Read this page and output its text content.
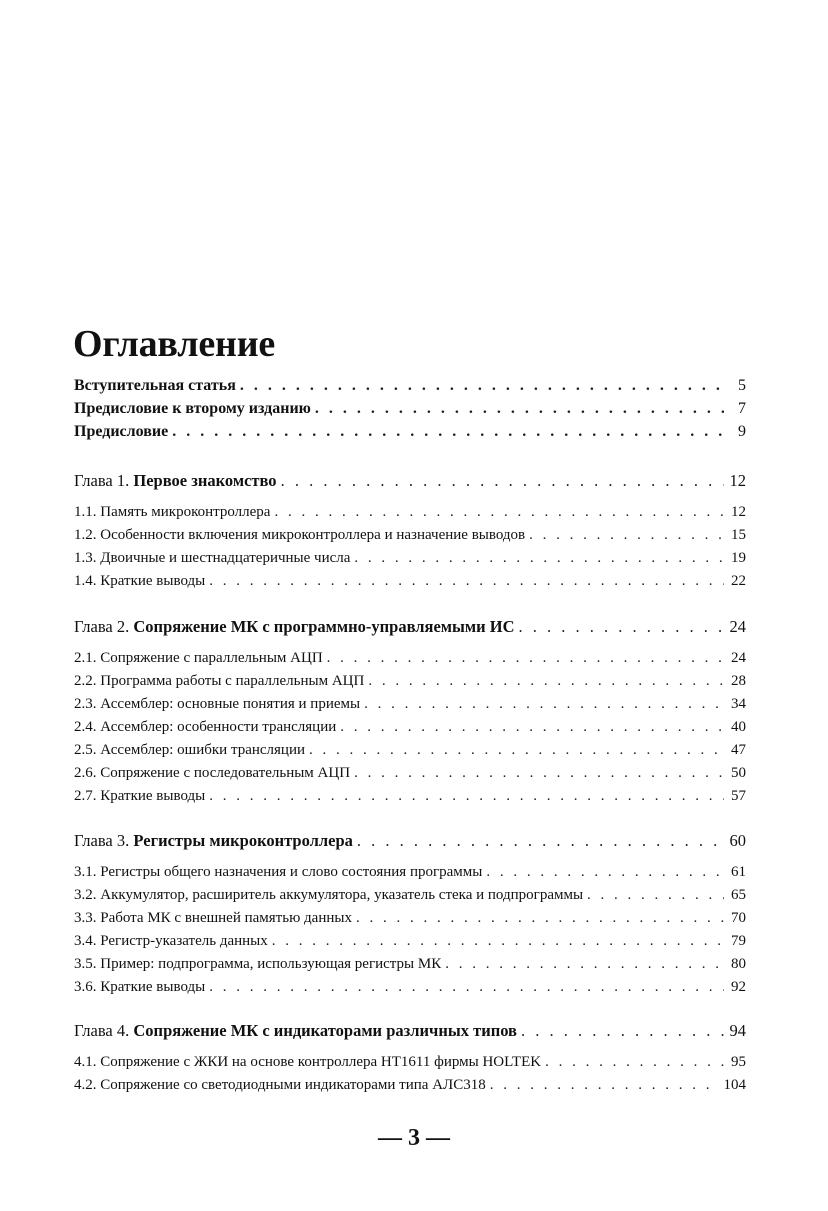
Оглавление
Вступительная статья . . .	5
Предисловие к второму изданию . . .	7
Предисловие . . .	9
Глава 1. Первое знакомство . . .	12
1.1. Память микроконтроллера . . .	12
1.2. Особенности включения микроконтроллера и назначение выводов . . .	15
1.3. Двоичные и шестнадцатеричные числа . . .	19
1.4. Краткие выводы . . .	22
Глава 2. Сопряжение МК с программно-управляемыми ИС . . .	24
2.1. Сопряжение с параллельным АЦП . . .	24
2.2. Программа работы с параллельным АЦП . . .	28
2.3. Ассемблер: основные понятия и приемы . . .	34
2.4. Ассемблер: особенности трансляции . . .	40
2.5. Ассемблер: ошибки трансляции . . .	47
2.6. Сопряжение с последовательным АЦП . . .	50
2.7. Краткие выводы . . .	57
Глава 3. Регистры микроконтроллера . . .	60
3.1. Регистры общего назначения и слово состояния программы . . .	61
3.2. Аккумулятор, расширитель аккумулятора, указатель стека и подпрограммы . . .	65
3.3. Работа МК с внешней памятью данных . . .	70
3.4. Регистр-указатель данных . . .	79
3.5. Пример: подпрограмма, использующая регистры МК . . .	80
3.6. Краткие выводы . . .	92
Глава 4. Сопряжение МК с индикаторами различных типов . . .	94
4.1. Сопряжение с ЖКИ на основе контроллера HT1611 фирмы HOLTEK . . .	95
4.2. Сопряжение со светодиодными индикаторами типа АЛС318 . . .	104
— 3 —
